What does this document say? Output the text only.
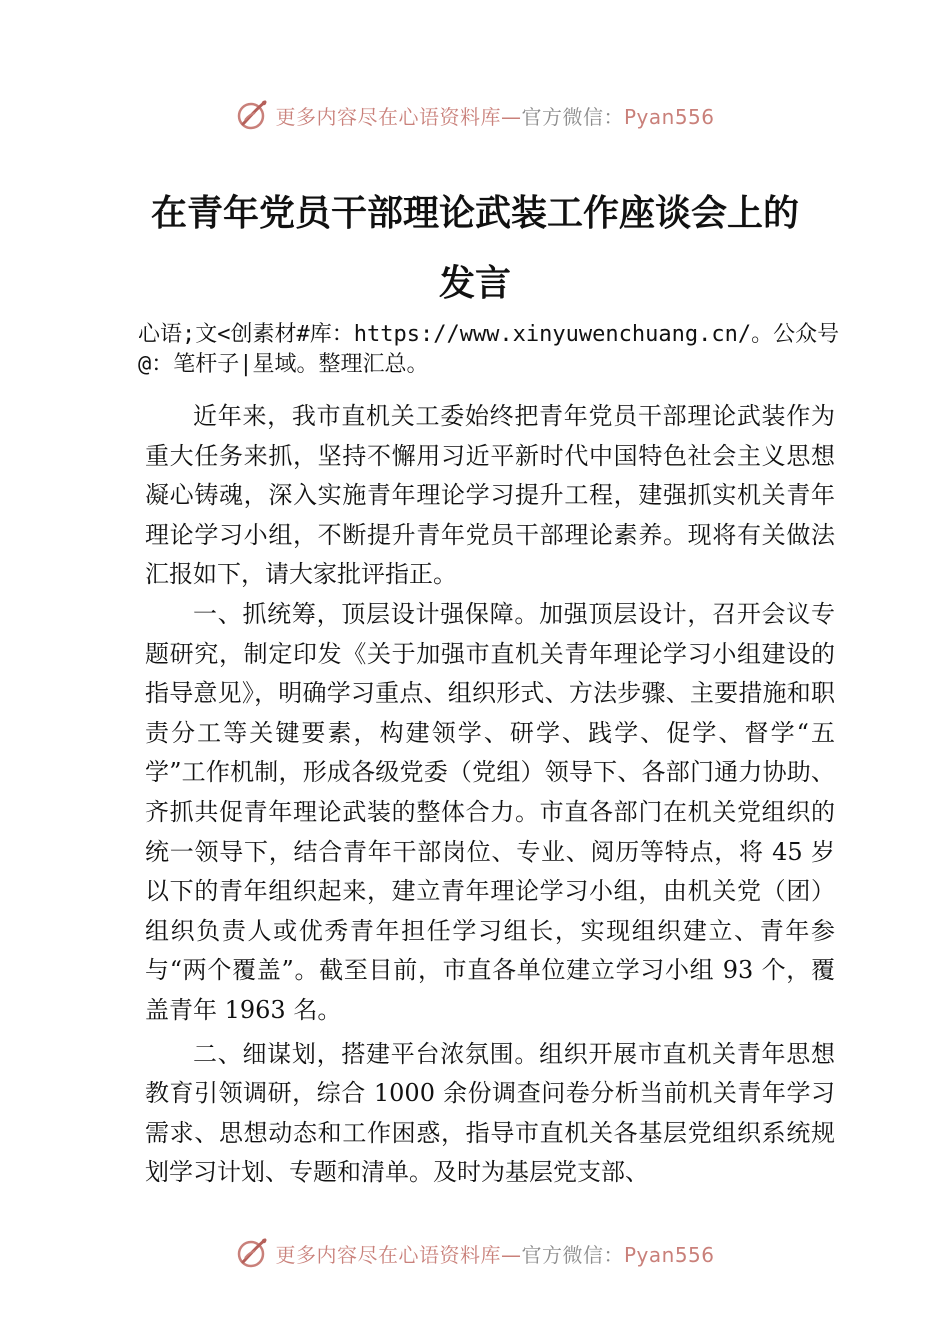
更多内容尽在心语资料库—官方微信：Pyan556
在青年党员干部理论武装工作座谈会上的
发言
心语;文<创素材#库：https://www.xinyuwenchuang.cn/。公众号@：笔杆子|星域。整理汇总。

近年来，我市直机关工委始终把青年党员干部理论武装作为重大任务来抓，坚持不懈用习近平新时代中国特色社会主义思想凝心铸魂，深入实施青年理论学习提升工程，建强抓实机关青年理论学习小组，不断提升青年党员干部理论素养。现将有关做法汇报如下，请大家批评指正。

一、抓统筹，顶层设计强保障。加强顶层设计，召开会议专题研究，制定印发《关于加强市直机关青年理论学习小组建设的指导意见》，明确学习重点、组织形式、方法步骤、主要措施和职责分工等关键要素，构建领学、研学、践学、促学、督学“五学”工作机制，形成各级党委（党组）领导下、各部门通力协助、齐抓共促青年理论武装的整体合力。市直各部门在机关党组织的统一领导下，结合青年干部岗位、专业、阅历等特点，将 45 岁以下的青年组织起来，建立青年理论学习小组，由机关党（团）组织负责人或优秀青年担任学习组长，实现组织建立、青年参与“两个覆盖”。截至目前，市直各单位建立学习小组 93 个，覆盖青年 1963 名。

二、细谋划，搭建平台浓氛围。组织开展市直机关青年思想教育引领调研，综合 1000 余份调查问卷分析当前机关青年学习需求、思想动态和工作困惑，指导市直机关各基层党组织系统规划学习计划、专题和清单。及时为基层党支部、

更多内容尽在心语资料库—官方微信：Pyan556
